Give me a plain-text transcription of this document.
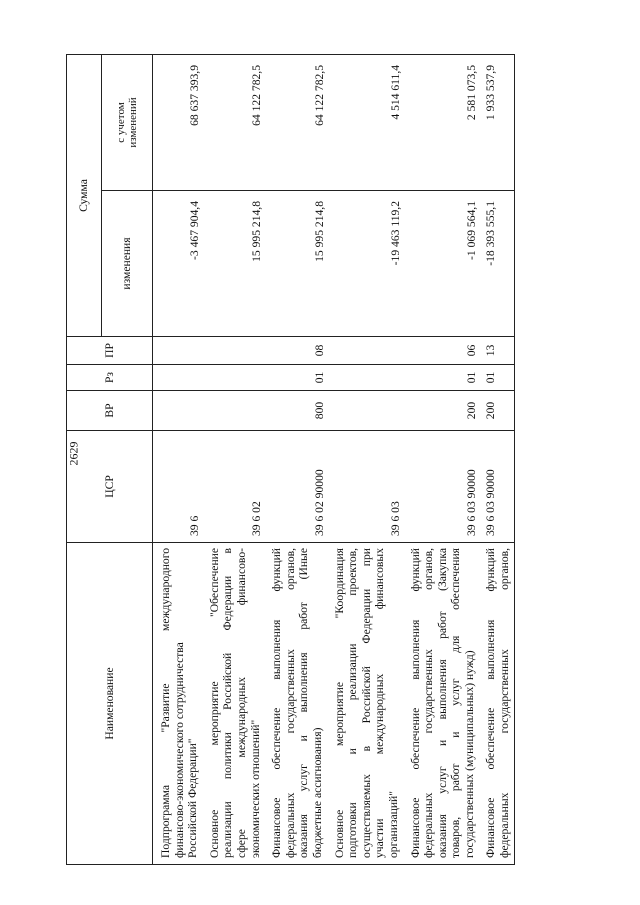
2629
Наименование	ЦСР	ВР	Рз	ПР	Сумма	
					изменения	с учетом изменений

Подпрограмма "Развитие международного финансово-экономического сотрудничества Российской Федерации"	39 6				-3 467 904,4	68 637 393,9

Основное мероприятие "Обеспечение реализации политики Российской Федерации в сфере международных финансово- экономических отношений"	39 6 02				15 995 214,8	64 122 782,5

Финансовое обеспечение выполнения функций федеральных государственных органов, оказания услуг и выполнения работ (Иные бюджетные ассигнования)	39 6 02 90000	800	01	08	15 995 214,8	64 122 782,5

Основное мероприятие "Координация подготовки и реализации проектов, осуществляемых в Российской Федерации при участии международных финансовых организаций"	39 6 03				-19 463 119,2	4 514 611,4

Финансовое обеспечение выполнения функций федеральных государственных органов, оказания услуг и выполнения работ (Закупка товаров, работ и услуг для обеспечения государственных (муниципальных) нужд)	39 6 03 90000	200	01	06	-1 069 564,1	2 581 073,5

Финансовое обеспечение выполнения функций федеральных государственных органов,	39 6 03 90000	200	01	13	-18 393 555,1	1 933 537,9
